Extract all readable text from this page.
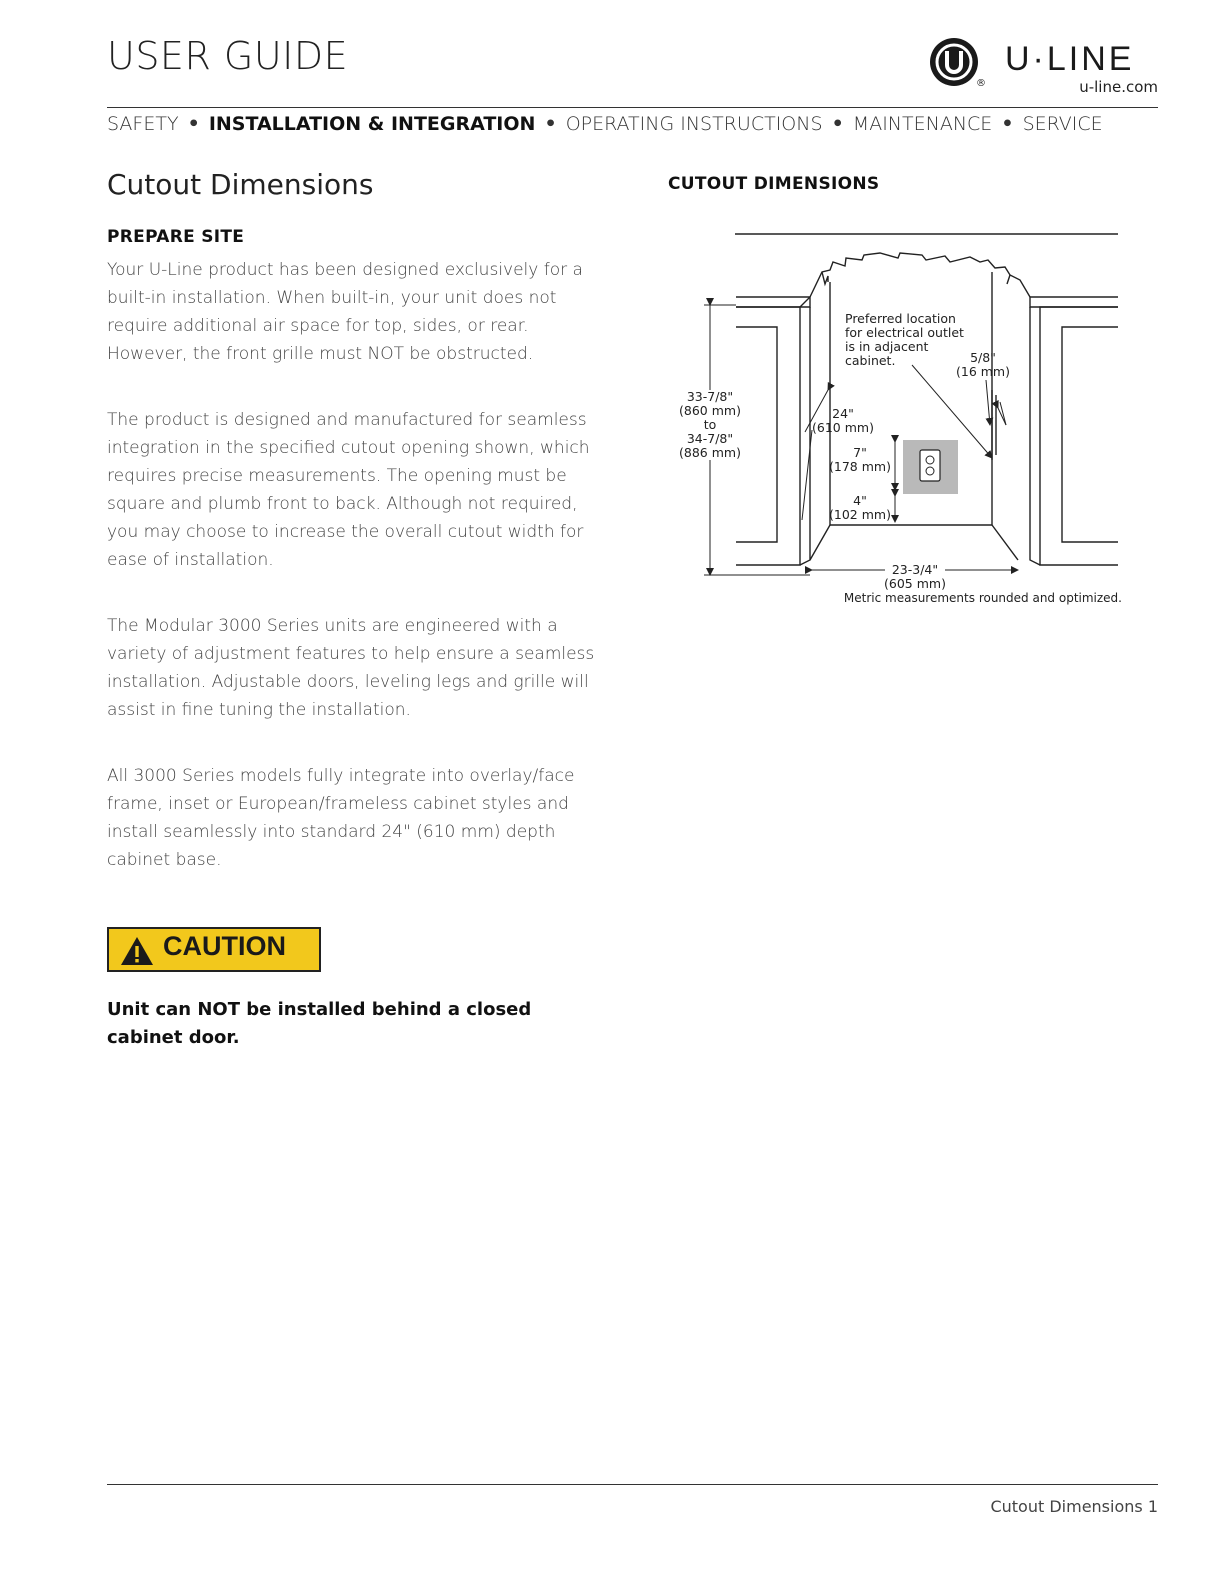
USER GUIDE
®
U·LINE
u-line.com
SAFETY • INSTALLATION & INTEGRATION • OPERATING INSTRUCTIONS • MAINTENANCE • SERVICE
Cutout Dimensions
PREPARE SITE
Your U-Line product has been designed exclusively for a built-in installation. When built-in, your unit does not require additional air space for top, sides, or rear. However, the front grille must NOT be obstructed.
The product is designed and manufactured for seamless integration in the specified cutout opening shown, which requires precise measurements. The opening must be square and plumb front to back. Although not required, you may choose to increase the overall cutout width for ease of installation.
The Modular 3000 Series units are engineered with a variety of adjustment features to help ensure a seamless installation. Adjustable doors, leveling legs and grille will assist in fine tuning the installation.
All 3000 Series models fully integrate into overlay/face frame, inset or European/frameless cabinet styles and install seamlessly into standard 24" (610 mm) depth cabinet base.
CAUTION
Unit can NOT be installed behind a closed cabinet door.
CUTOUT DIMENSIONS
Preferred location
for electrical outlet
is in adjacent
cabinet.
33-7/8"
(860 mm)
to
34-7/8"
(886 mm)
24"
(610 mm)
5/8"
(16 mm)
7"
(178 mm)
4"
(102 mm)
23-3/4"
(605 mm)
Metric measurements rounded and optimized.
Cutout Dimensions 1
